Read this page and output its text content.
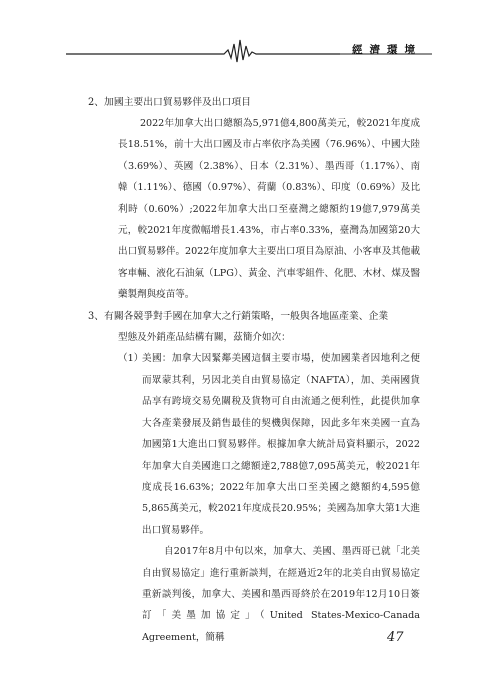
經濟環境
2、加國主要出口貿易夥伴及出口項目

2022年加拿大出口總額為5,971億4,800萬美元，較2021年度成長18.51%，前十大出口國及市占率依序為美國（76.96%）、中國大陸（3.69%）、英國（2.38%）、日本（2.31%）、墨西哥（1.17%）、南韓（1.11%）、德國（0.97%）、荷蘭（0.83%）、印度（0.69%）及比利時（0.60%）;2022年加拿大出口至臺灣之總額約19億7,979萬美元，較2021年度微幅增長1.43%，市占率0.33%，臺灣為加國第20大出口貿易夥伴。2022年度加拿大主要出口項目為原油、小客車及其他載客車輛、液化石油氣（LPG）、黃金、汽車零組件、化肥、木材、煤及醫藥製劑與疫苗等。

3、有關各競爭對手國在加拿大之行銷策略，一般與各地區產業、企業
型態及外銷產品結構有關，茲簡介如次：
（1）
美國：加拿大因緊鄰美國這個主要市場，使加國業者因地利之便而眾蒙其利，另因北美自由貿易協定（NAFTA），加、美兩國貨品享有跨境交易免關稅及貨物可自由流通之便利性，此提供加拿大各產業發展及銷售最佳的契機與保障，因此多年來美國一直為加國第1大進出口貿易夥伴。根據加拿大統計局資料顯示，2022年加拿大自美國進口之總額達2,788億7,095萬美元，較2021年度成長16.63%；2022年加拿大出口至美國之總額約4,595億5,865萬美元，較2021年度成長20.95%；美國為加拿大第1大進出口貿易夥伴。

自2017年8月中旬以來，加拿大、美國、墨西哥已就「北美自由貿易協定」進行重新談判，在經過近2年的北美自由貿易協定重新談判後，加拿大、美國和墨西哥終於在2019年12月10日簽訂「美墨加協定」（United States-Mexico-Canada Agreement，簡稱	47
